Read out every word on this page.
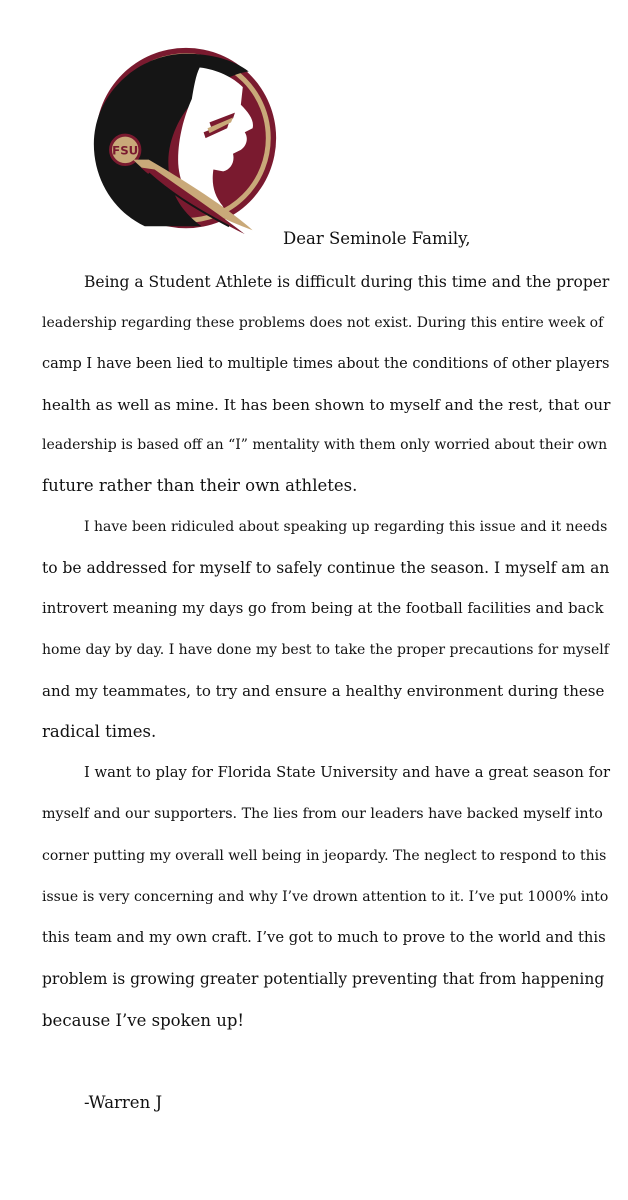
FSU
Dear Seminole Family,
Being a Student Athlete is difficult during this time and the proper
leadership regarding these problems does not exist. During this entire week of
camp I have been lied to multiple times about the conditions of other players
health as well as mine. It has been shown to myself and the rest, that our
leadership is based off an “I” mentality with them only worried about their own
future rather than their own athletes.
I have been ridiculed about speaking up regarding this issue and it needs
to be addressed for myself to safely continue the season. I myself am an
introvert meaning my days go from being at the football facilities and back
home day by day. I have done my best to take the proper precautions for myself
and my teammates, to try and ensure a healthy environment during these
radical times.
I want to play for Florida State University and have a great season for
myself and our supporters. The lies from our leaders have backed myself into
corner putting my overall well being in jeopardy. The neglect to respond to this
issue is very concerning and why I’ve drown attention to it. I’ve put 1000% into
this team and my own craft. I’ve got to much to prove to the world and this
problem is growing greater potentially preventing that from happening
because I’ve spoken up!
-Warren J
